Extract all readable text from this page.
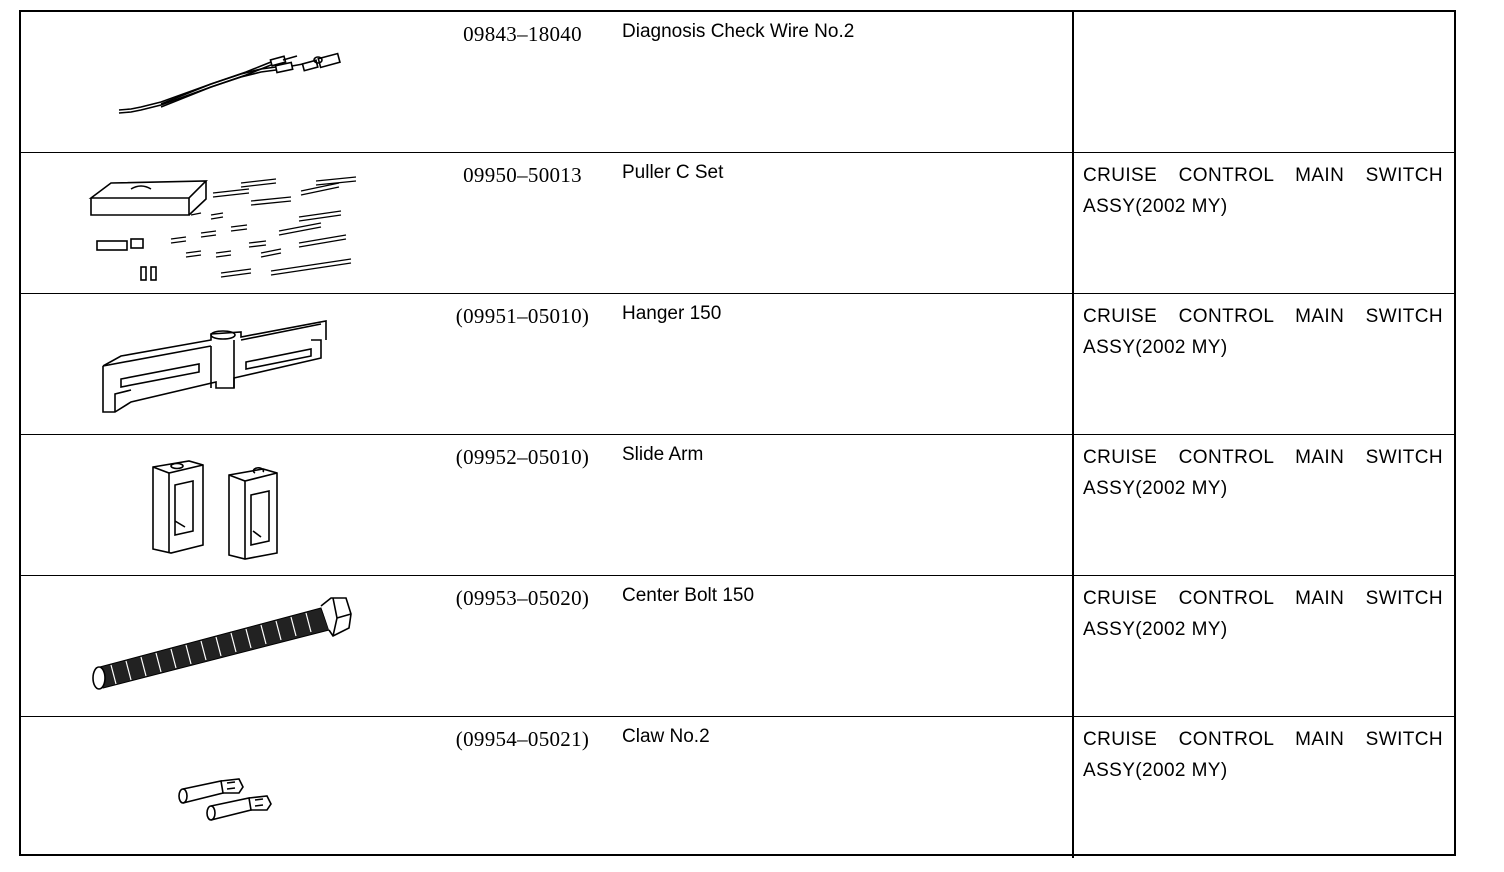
09843–18040	Diagnosis Check Wire No.2
09950–50013	Puller C Set	CRUISE CONTROL MAIN SWITCH ASSY(2002 MY)
(09951–05010)	Hanger 150	CRUISE CONTROL MAIN SWITCH ASSY(2002 MY)
(09952–05010)	Slide Arm	CRUISE CONTROL MAIN SWITCH ASSY(2002 MY)
(09953–05020)	Center Bolt 150	CRUISE CONTROL MAIN SWITCH ASSY(2002 MY)
(09954–05021)	Claw No.2	CRUISE CONTROL MAIN SWITCH ASSY(2002 MY)
